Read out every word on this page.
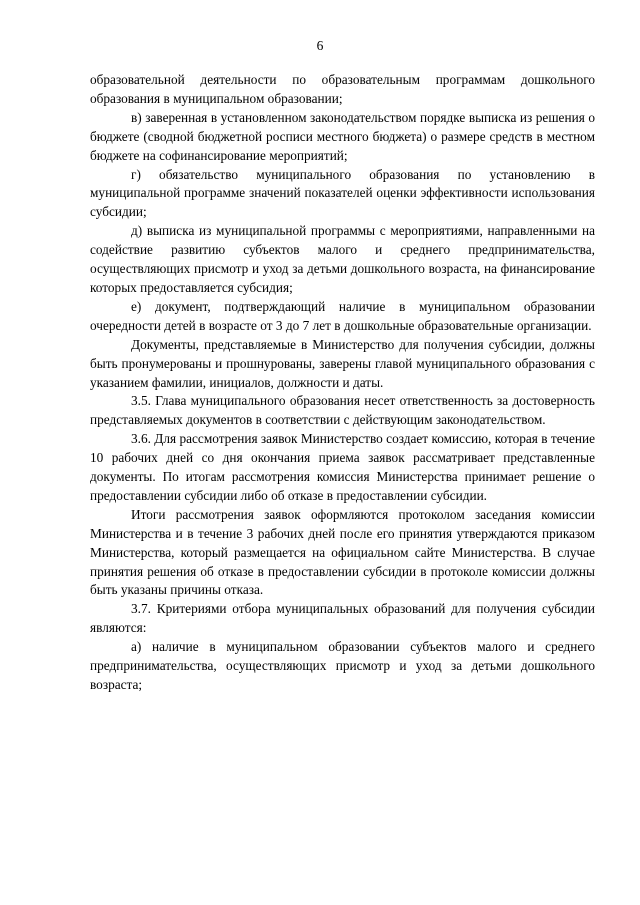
6

образовательной деятельности по образовательным программам дошкольного образования в муниципальном образовании;

в) заверенная в установленном законодательством порядке выписка из решения о бюджете (сводной бюджетной росписи местного бюджета) о размере средств в местном бюджете на софинансирование мероприятий;

г) обязательство муниципального образования по установлению в муниципальной программе значений показателей оценки эффективности использования субсидии;

д) выписка из муниципальной программы с мероприятиями, направленными на содействие развитию субъектов малого и среднего предпринимательства, осуществляющих присмотр и уход за детьми дошкольного возраста, на финансирование которых предоставляется субсидия;

е) документ, подтверждающий наличие в муниципальном образовании очередности детей в возрасте от 3 до 7 лет в дошкольные образовательные организации.

Документы, представляемые в Министерство для получения субсидии, должны быть пронумерованы и прошнурованы, заверены главой муниципального образования с указанием фамилии, инициалов, должности и даты.

3.5. Глава муниципального образования несет ответственность за достоверность представляемых документов в соответствии с действующим законодательством.

3.6. Для рассмотрения заявок Министерство создает комиссию, которая в течение 10 рабочих дней со дня окончания приема заявок рассматривает представленные документы. По итогам рассмотрения комиссия Министерства принимает решение о предоставлении субсидии либо об отказе в предоставлении субсидии.

Итоги рассмотрения заявок оформляются протоколом заседания комиссии Министерства и в течение 3 рабочих дней после его принятия утверждаются приказом Министерства, который размещается на официальном сайте Министерства. В случае принятия решения об отказе в предоставлении субсидии в протоколе комиссии должны быть указаны причины отказа.

3.7. Критериями отбора муниципальных образований для получения субсидии являются:

а) наличие в муниципальном образовании субъектов малого и среднего предпринимательства, осуществляющих присмотр и уход за детьми дошкольного возраста;
